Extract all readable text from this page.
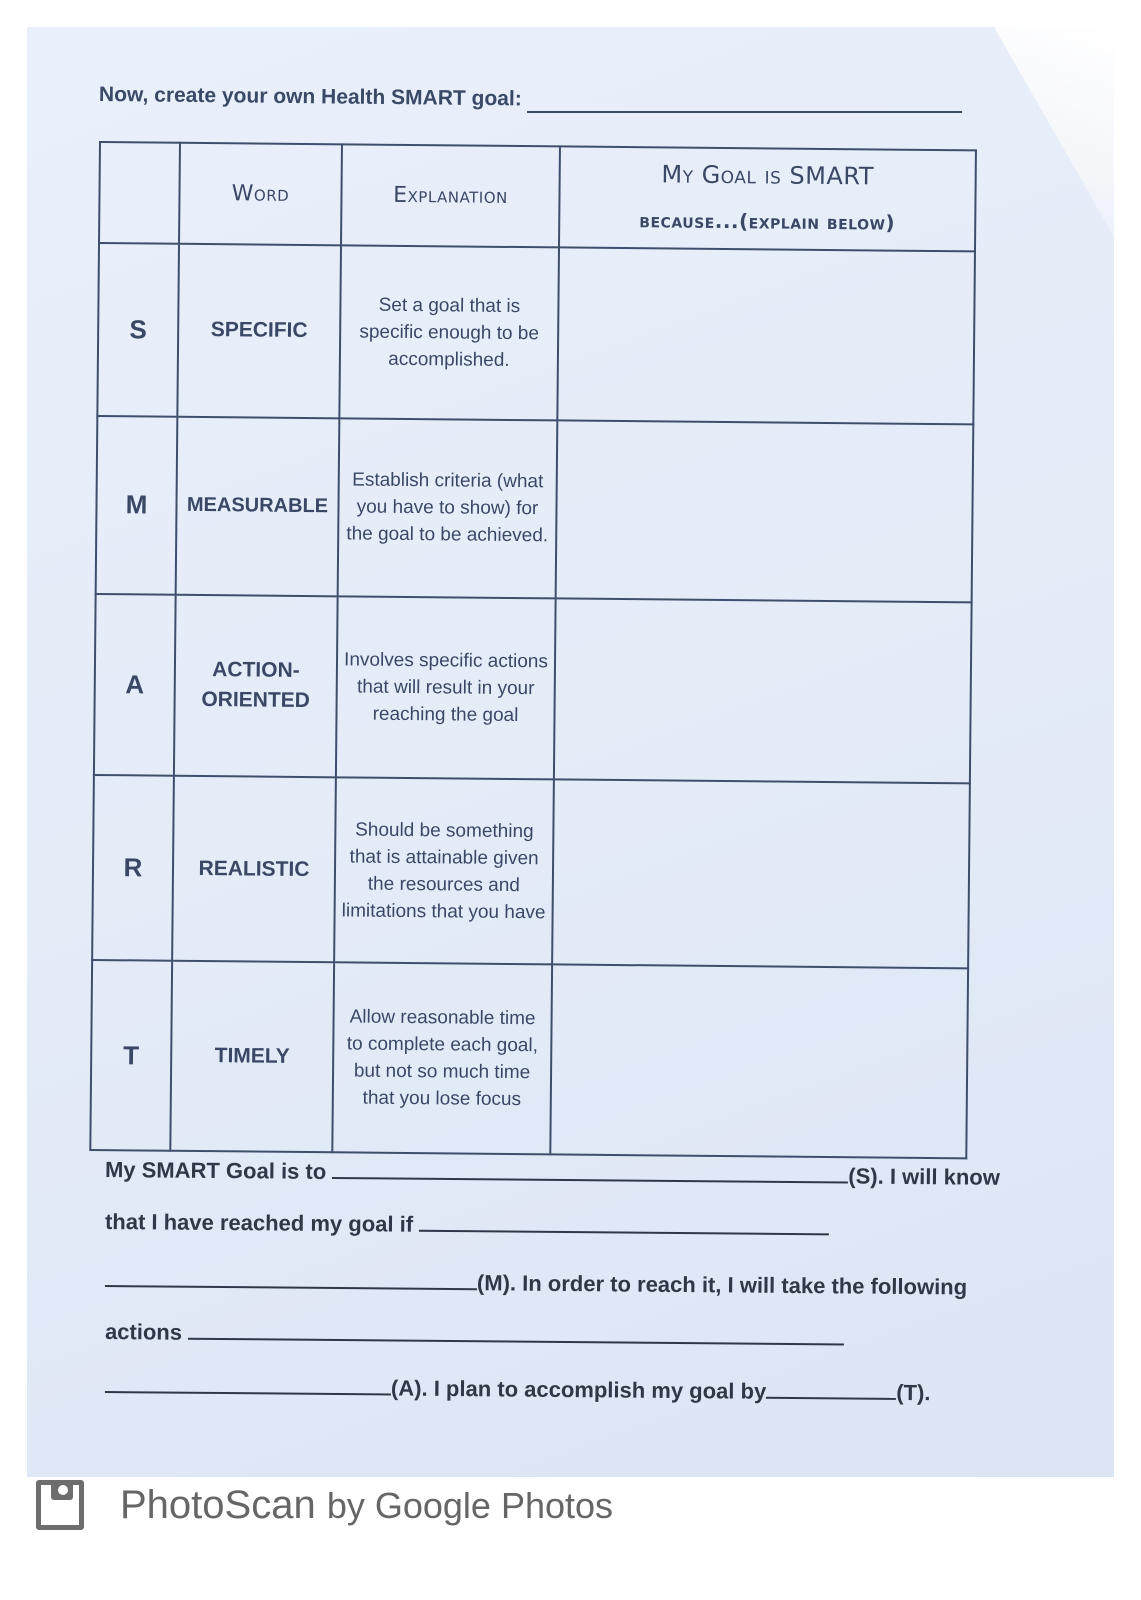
Now, create your own Health SMART goal:
	Word	Explanation	My Goal is SMART
because...(explain below)

S	SPECIFIC	Set a goal that is specific enough to be accomplished.	
M	MEASURABLE	Establish criteria (what you have to show) for the goal to be achieved.	
A	ACTION-ORIENTED	Involves specific actions that will result in your reaching the goal	
R	REALISTIC	Should be something that is attainable given the resources and limitations that you have	
T	TIMELY	Allow reasonable time to complete each goal, but not so much time that you lose focus	
My SMART Goal is to	(S). I will know
that I have reached my goal if
(M). In order to reach it, I will take the following
actions
(A). I plan to accomplish my goal by	(T).
PhotoScan by Google Photos
